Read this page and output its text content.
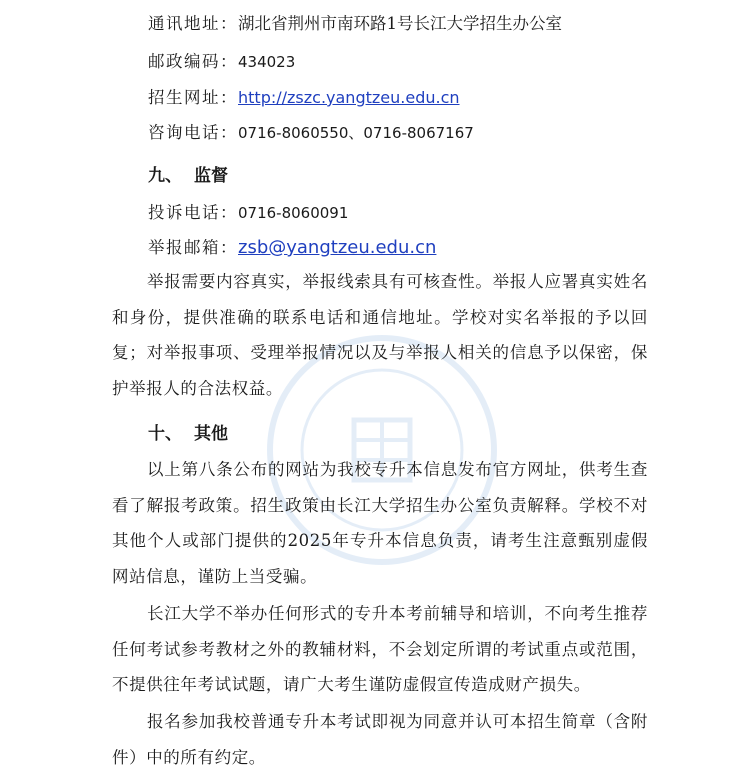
通讯地址：湖北省荆州市南环路1号长江大学招生办公室
邮政编码：434023
招生网址：http://zszc.yangtzeu.edu.cn
咨询电话：0716-8060550、0716-8067167
九、 监督
投诉电话：0716-8060091
举报邮箱：zsb@yangtzeu.edu.cn
举报需要内容真实，举报线索具有可核查性。举报人应署真实姓名和身份，提供准确的联系电话和通信地址。学校对实名举报的予以回复；对举报事项、受理举报情况以及与举报人相关的信息予以保密，保护举报人的合法权益。
十、 其他
以上第八条公布的网站为我校专升本信息发布官方网址，供考生查看了解报考政策。招生政策由长江大学招生办公室负责解释。学校不对其他个人或部门提供的2025年专升本信息负责，请考生注意甄别虚假网站信息，谨防上当受骗。
长江大学不举办任何形式的专升本考前辅导和培训，不向考生推荐任何考试参考教材之外的教辅材料，不会划定所谓的考试重点或范围，不提供往年考试试题，请广大考生谨防虚假宣传造成财产损失。
报名参加我校普通专升本考试即视为同意并认可本招生简章（含附件）中的所有约定。
